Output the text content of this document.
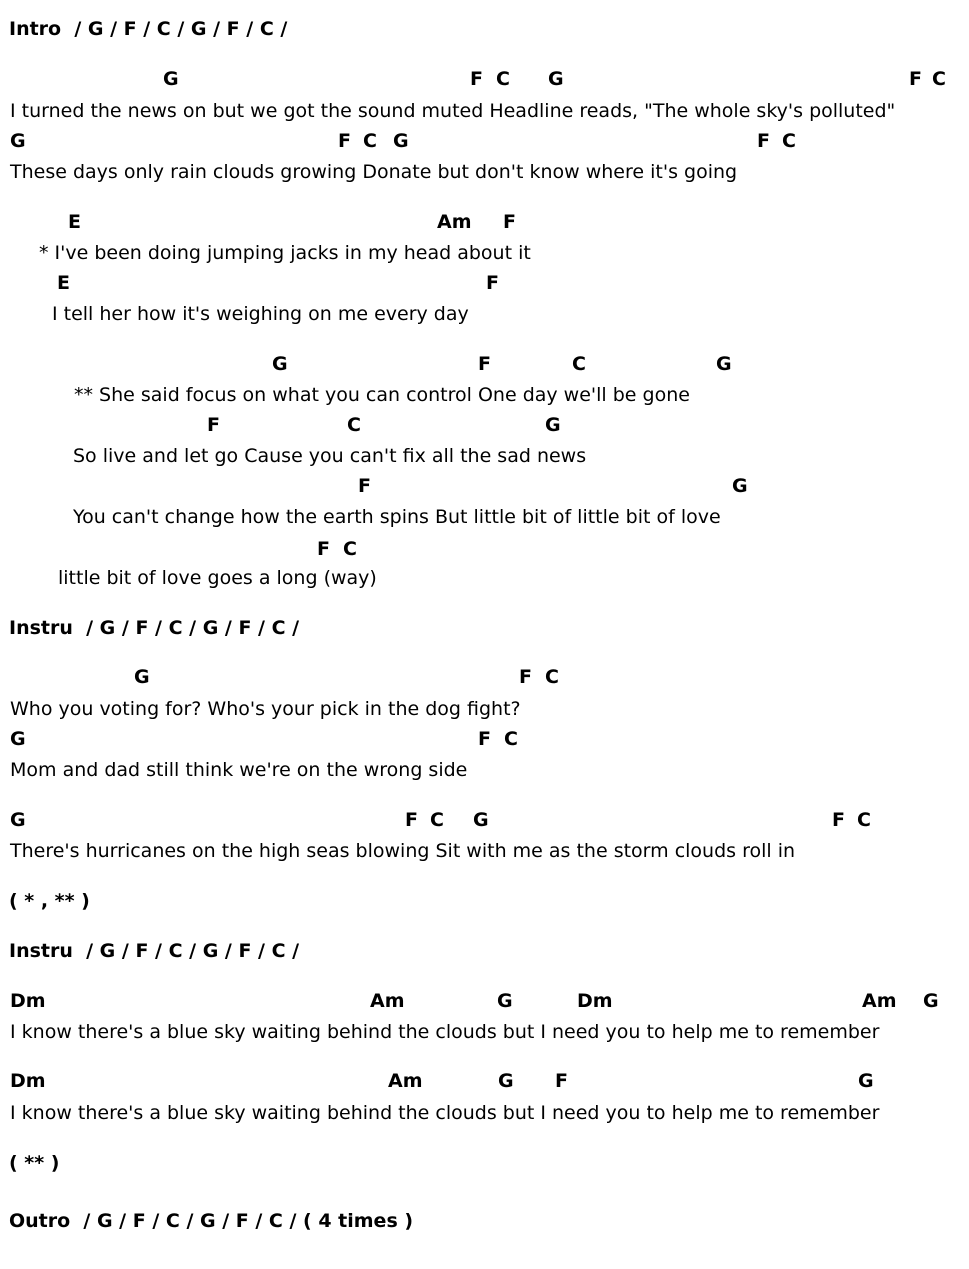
Intro / G / F / C / G / F / C /
G	F C G	F C
I turned the news on but we got the sound muted Headline reads, "The whole sky's polluted"
G	F C G	F C
These days only rain clouds growing Donate but don't know where it's going
E	Am F
* I've been doing jumping jacks in my head about it
E	F
I tell her how it's weighing on me every day
G	F	C	G
** She said focus on what you can control One day we'll be gone
F	C	G
So live and let go Cause you can't fix all the sad news
F	G
You can't change how the earth spins But little bit of little bit of love
F C
little bit of love goes a long (way)
Instru / G / F / C / G / F / C /
G	F C
Who you voting for? Who's your pick in the dog fight?
G	F C
Mom and dad still think we're on the wrong side
G	F C G	F C
There's hurricanes on the high seas blowing Sit with me as the storm clouds roll in
( * , ** )
Instru / G / F / C / G / F / C /
Dm	Am	G	Dm	Am G
I know there's a blue sky waiting behind the clouds but I need you to help me to remember
Dm	Am	G F	G
I know there's a blue sky waiting behind the clouds but I need you to help me to remember
( ** )
Outro / G / F / C / G / F / C / ( 4 times )
